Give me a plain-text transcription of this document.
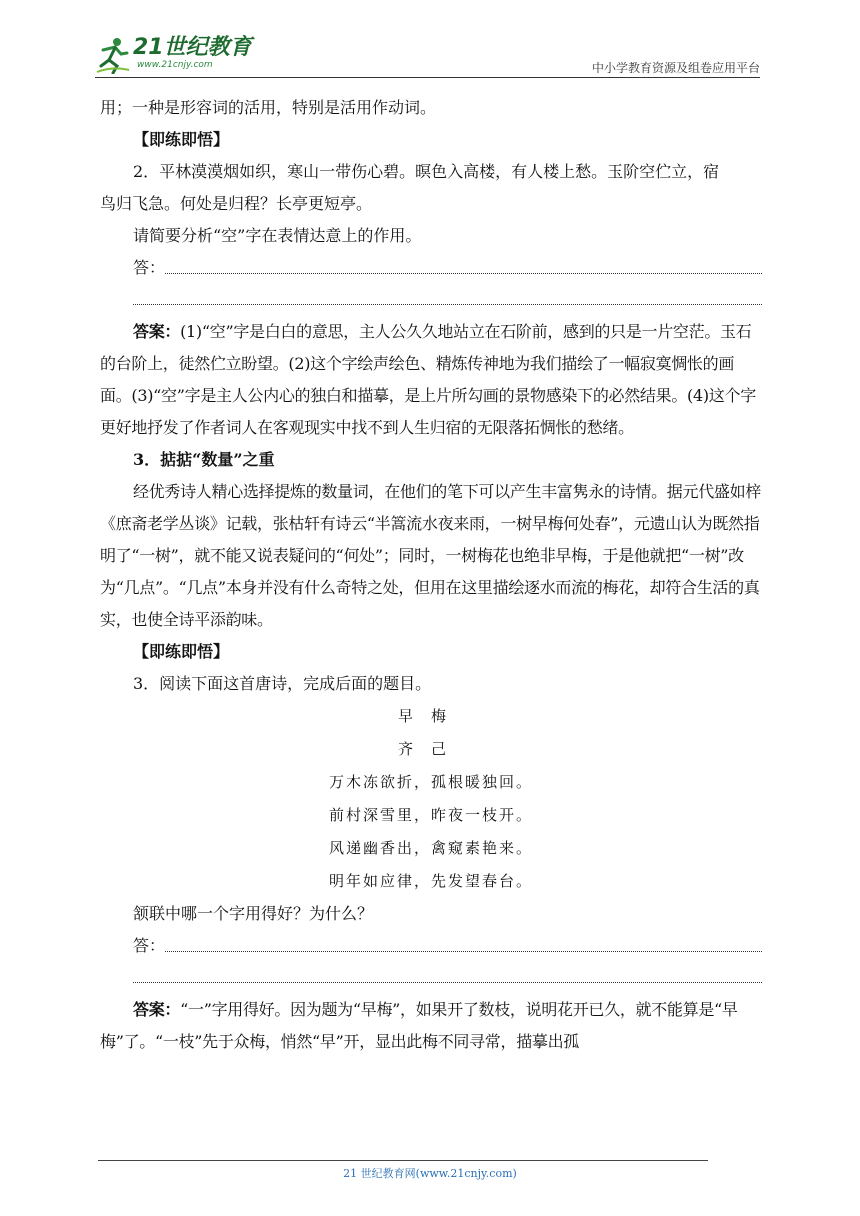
21世纪教育
www.21cnjy.com	中小学教育资源及组卷应用平台

用；一种是形容词的活用，特别是活用作动词。

【即练即悟】

2．平林漠漠烟如织，寒山一带伤心碧。暝色入高楼，有人楼上愁。玉阶空伫立，宿
鸟归飞急。何处是归程？长亭更短亭。

请简要分析“空”字在表情达意上的作用。

答：

答案：(1)“空”字是白白的意思，主人公久久地站立在石阶前，感到的只是一片空茫。玉石的台阶上，徒然伫立盼望。(2)这个字绘声绘色、精炼传神地为我们描绘了一幅寂寞惆怅的画面。(3)“空”字是主人公内心的独白和描摹，是上片所勾画的景物感染下的必然结果。(4)这个字更好地抒发了作者词人在客观现实中找不到人生归宿的无限落拓惆怅的愁绪。

3．掂掂“数量”之重

经优秀诗人精心选择提炼的数量词，在他们的笔下可以产生丰富隽永的诗情。据元代盛如梓《庶斋老学丛谈》记载，张枯轩有诗云“半篙流水夜来雨，一树早梅何处春”，元遗山认为既然指明了“一树”，就不能又说表疑问的“何处”；同时，一树梅花也绝非早梅，于是他就把“一树”改为“几点”。“几点”本身并没有什么奇特之处，但用在这里描绘逐水而流的梅花，却符合生活的真实，也使全诗平添韵味。

【即练即悟】

3．阅读下面这首唐诗，完成后面的题目。

早梅

齐己

万木冻欲折，孤根暖独回。

前村深雪里，昨夜一枝开。

风递幽香出，禽窥素艳来。

明年如应律，先发望春台。

颔联中哪一个字用得好？为什么？

答：

答案：“一”字用得好。因为题为“早梅”，如果开了数枝，说明花开已久，就不能算是“早梅”了。“一枝”先于众梅，悄然“早”开，显出此梅不同寻常，描摹出孤

21 世纪教育网(www.21cnjy.com)
